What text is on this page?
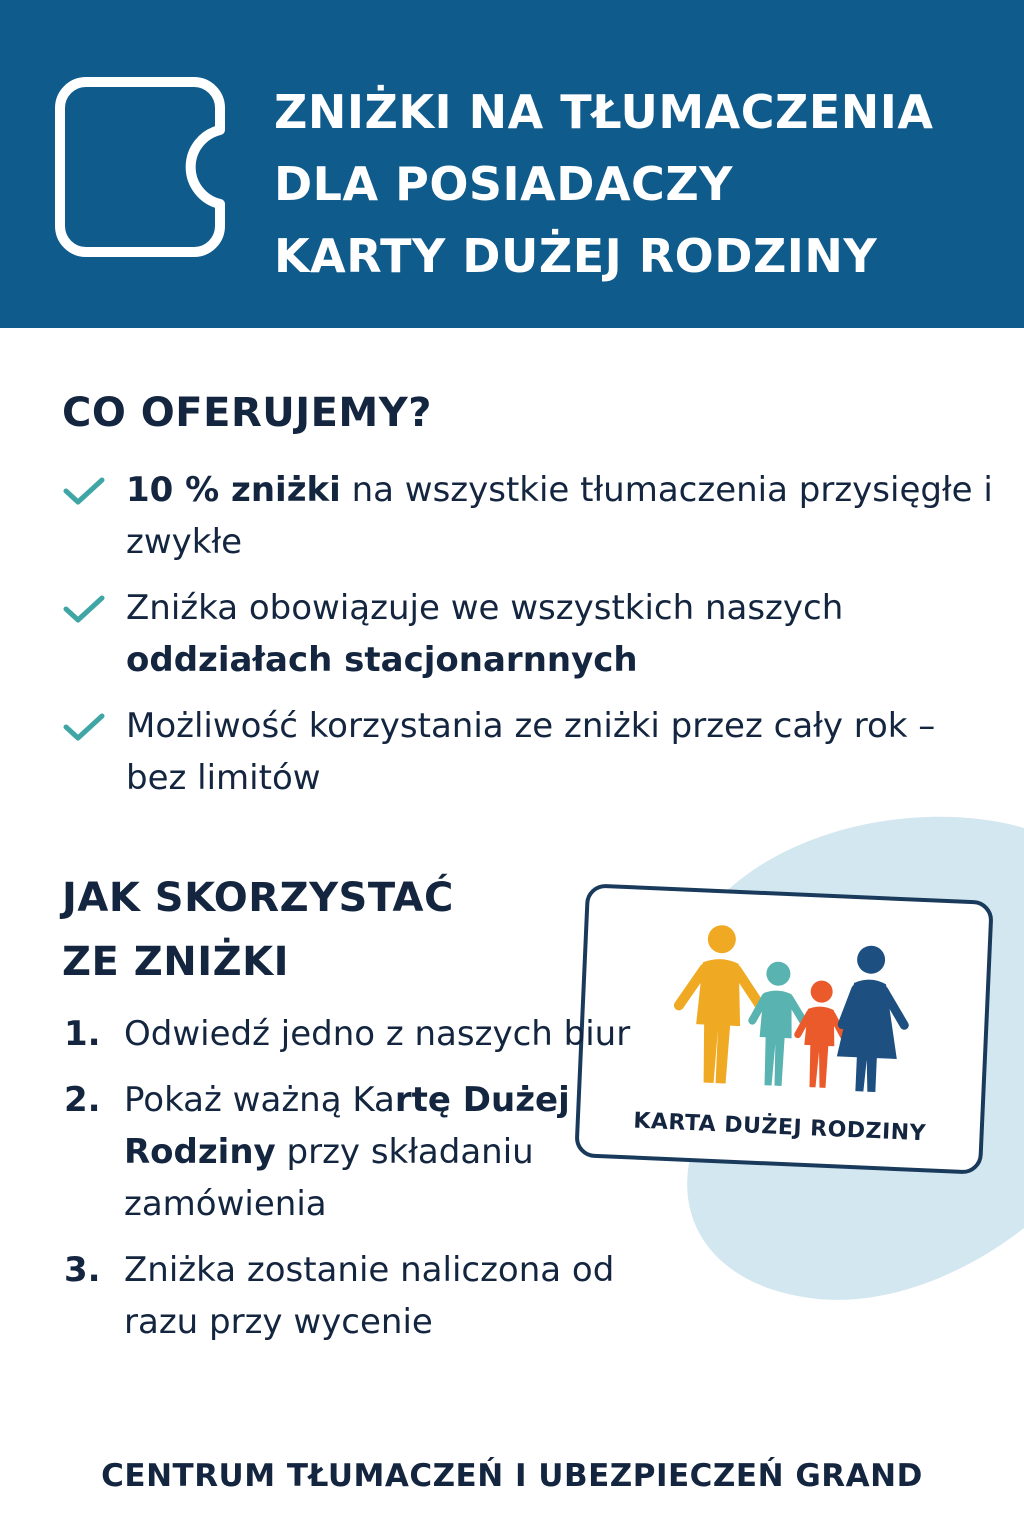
ZNIŻKI NA TŁUMACZENIA
DLA POSIADACZY
KARTY DUŻEJ RODZINY
CO OFERUJEMY?
10 % zniżki na wszystkie tłumaczenia przysięgłe i zwykłe
Zniźka obowiązuje we wszystkich naszych oddziałach stacjonarnnych
Możliwość korzystania ze zniżki przez cały rok – bez limitów
JAK SKORZYSTAĆ
ZE ZNIŻKI
KARTA DUŻEJ RODZINY
1. Odwiedź jedno z naszych biur
2. Pokaż ważną Kartę Dużej Rodziny przy składaniu zamówienia
3. Zniżka zostanie naliczona od razu przy wycenie

CENTRUM TŁUMACZEŃ I UBEZPIECZEŃ GRAND
